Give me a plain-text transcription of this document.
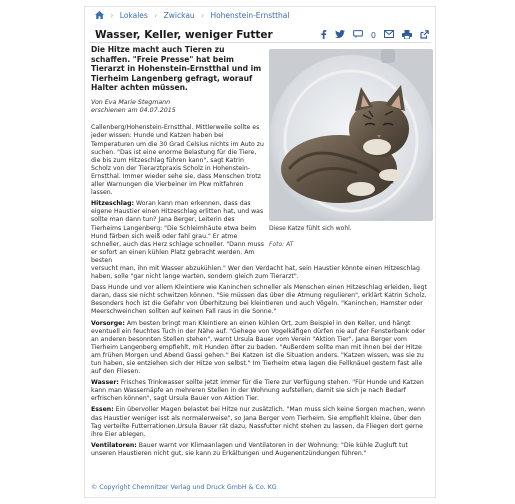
› Lokales › Zwickau › Hohenstein-Ernstthal
Wasser, Keller, weniger Futter	0
Diese Katze fühlt sich wohl.
Foto: AT
Die Hitze macht auch Tieren zu schaffen. "Freie Presse" hat beim Tierarzt in Hohenstein-Ernstthal und im Tierheim Langenberg gefragt, worauf Halter achten müssen.
Von Eva Marie Stegmann
erschienen am 04.07.2015
Callenberg/Hohenstein-Ernstthal. Mittlerweile sollte es jeder wissen: Hunde und Katzen haben bei Temperaturen um die 30 Grad Celsius nichts im Auto zu suchen. "Das ist eine enorme Belastung für die Tiere, die bis zum Hitzeschlag führen kann", sagt Katrin Scholz von der Tierarztpraxis Scholz in Hohenstein-Ernstthal. Immer wieder sehe sie, dass Menschen trotz aller Warnungen die Vierbeiner im Pkw mitfahren lassen.
Hitzeschlag: Woran kann man erkennen, dass das eigene Haustier einen Hitzeschlag erlitten hat, und was sollte man dann tun? Jana Berger, Leiterin des Tierheims Langenberg: "Die Schleimhäute etwa beim Hund färben sich weiß oder fahl grau." Er atme schneller, auch das Herz schlage schneller. "Dann muss er sofort an einen kühlen Platz gebracht werden. Am besten
versucht man, ihn mit Wasser abzukühlen." Wer den Verdacht hat, sein Haustier könnte einen Hitzeschlag haben, solle "gar nicht lange warten, sondern gleich zum Tierarzt".
Dass Hunde und vor allem Kleintiere wie Kaninchen schneller als Menschen einen Hitzeschlag erleiden, liegt daran, dass sie nicht schwitzen können. "Sie müssen das über die Atmung regulieren", erklärt Katrin Scholz. Besonders hoch ist die Gefahr von Überhitzung bei kleintieren und auch Vögeln. "Kaninchen, Hamster oder Meerschweinchen sollten auf keinen Fall raus in die Sonne."
Vorsorge: Am besten bringt man Kleintiere an einen kühlen Ort, zum Beispiel in den Keller, und hängt eventuell ein feuchtes Tuch in der Nähe auf. "Gehege von Vogelkäfigen dürfen nie auf der Fensterbank oder an anderen besonnten Stellen stehen", warnt Ursula Bauer vom Verein "Aktion Tier". Jana Berger vom Tierheim Langenberg empfiehlt, mit Hunden öfter zu baden. "Außerdem sollte man mit ihnen bei der Hitze am frühen Morgen und Abend Gassi gehen." Bei Katzen ist die Situation anders. "Katzen wissen, was sie zu tun haben, sie entziehen sich der Hitze von selbst." Im Tierheim etwa lagen die Fellknäuel gestern fast alle auf den Fliesen.
Wasser: Frisches Trinkwasser sollte jetzt immer für die Tiere zur Verfügung stehen. "Für Hunde und Katzen kann man Wassernäpfe an mehreren Stellen in der Wohnung aufstellen, damit sie sich je nach Bedarf erfrischen können", sagt Ursula Bauer von Aktion Tier.
Essen: Ein übervoller Magen belastet bei Hitze nur zusätzlich. "Man muss sich keine Sorgen machen, wenn das Haustier weniger isst als normalerweise", so Jana Berger vom Tierheim. Sie empfiehlt kleine, über den Tag verteilte Futterrationen.Ursula Bauer rät dazu, Nassfutter nicht stehen zu lassen, da Fliegen dort gerne ihre Eier ablegen.
Ventilatoren: Bauer warnt vor Klimaanlagen und Ventilatoren in der Wohnung: "Die kühle Zugluft tut unseren Haustieren nicht gut, sie kann zu Erkältungen und Augenentzündungen führen."
© Copyright Chemnitzer Verlag und Druck GmbH & Co. KG
